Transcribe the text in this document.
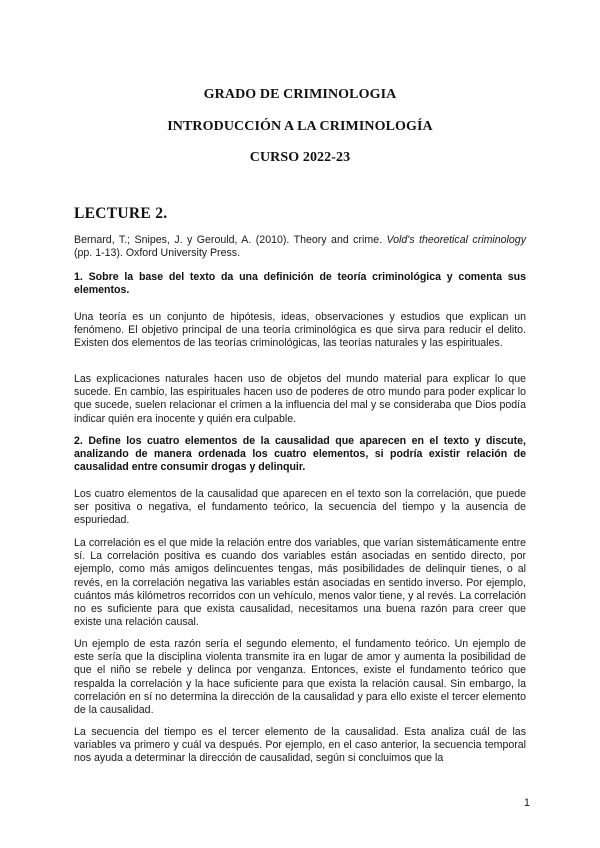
GRADO DE CRIMINOLOGIA
INTRODUCCIÓN A LA CRIMINOLOGÍA
CURSO 2022-23
LECTURE 2.
Bernard, T.; Snipes, J. y Gerould, A. (2010). Theory and crime. Vold's theoretical criminology (pp. 1-13). Oxford University Press.
1. Sobre la base del texto da una definición de teoría criminológica y comenta sus elementos.
Una teoría es un conjunto de hipótesis, ideas, observaciones y estudios que explican un fenómeno. El objetivo principal de una teoría criminológica es que sirva para reducir el delito. Existen dos elementos de las teorías criminológicas, las teorías naturales y las espirituales.
Las explicaciones naturales hacen uso de objetos del mundo material para explicar lo que sucede. En cambio, las espirituales hacen uso de poderes de otro mundo para poder explicar lo que sucede, suelen relacionar el crimen a la influencia del mal y se consideraba que Dios podía indicar quién era inocente y quién era culpable.
2. Define los cuatro elementos de la causalidad que aparecen en el texto y discute, analizando de manera ordenada los cuatro elementos, si podría existir relación de causalidad entre consumir drogas y delinquir.
Los cuatro elementos de la causalidad que aparecen en el texto son la correlación, que puede ser positiva o negativa, el fundamento teórico, la secuencia del tiempo y la ausencia de espuriedad.
La correlación es el que mide la relación entre dos variables, que varían sistemáticamente entre sí. La correlación positiva es cuando dos variables están asociadas en sentido directo, por ejemplo, como más amigos delincuentes tengas, más posibilidades de delinquir tienes, o al revés, en la correlación negativa las variables están asociadas en sentido inverso. Por ejemplo, cuántos más kilómetros recorridos con un vehículo, menos valor tiene, y al revés. La correlación no es suficiente para que exista causalidad, necesitamos una buena razón para creer que existe una relación causal.
Un ejemplo de esta razón sería el segundo elemento, el fundamento teórico. Un ejemplo de este sería que la disciplina violenta transmite ira en lugar de amor y aumenta la posibilidad de que el niño se rebele y delinca por venganza. Entonces, existe el fundamento teórico que respalda la correlación y la hace suficiente para que exista la relación causal. Sin embargo, la correlación en sí no determina la dirección de la causalidad y para ello existe el tercer elemento de la causalidad.
La secuencia del tiempo es el tercer elemento de la causalidad. Esta analiza cuál de las variables va primero y cuál va después. Por ejemplo, en el caso anterior, la secuencia temporal nos ayuda a determinar la dirección de causalidad, según si concluimos que la
1
